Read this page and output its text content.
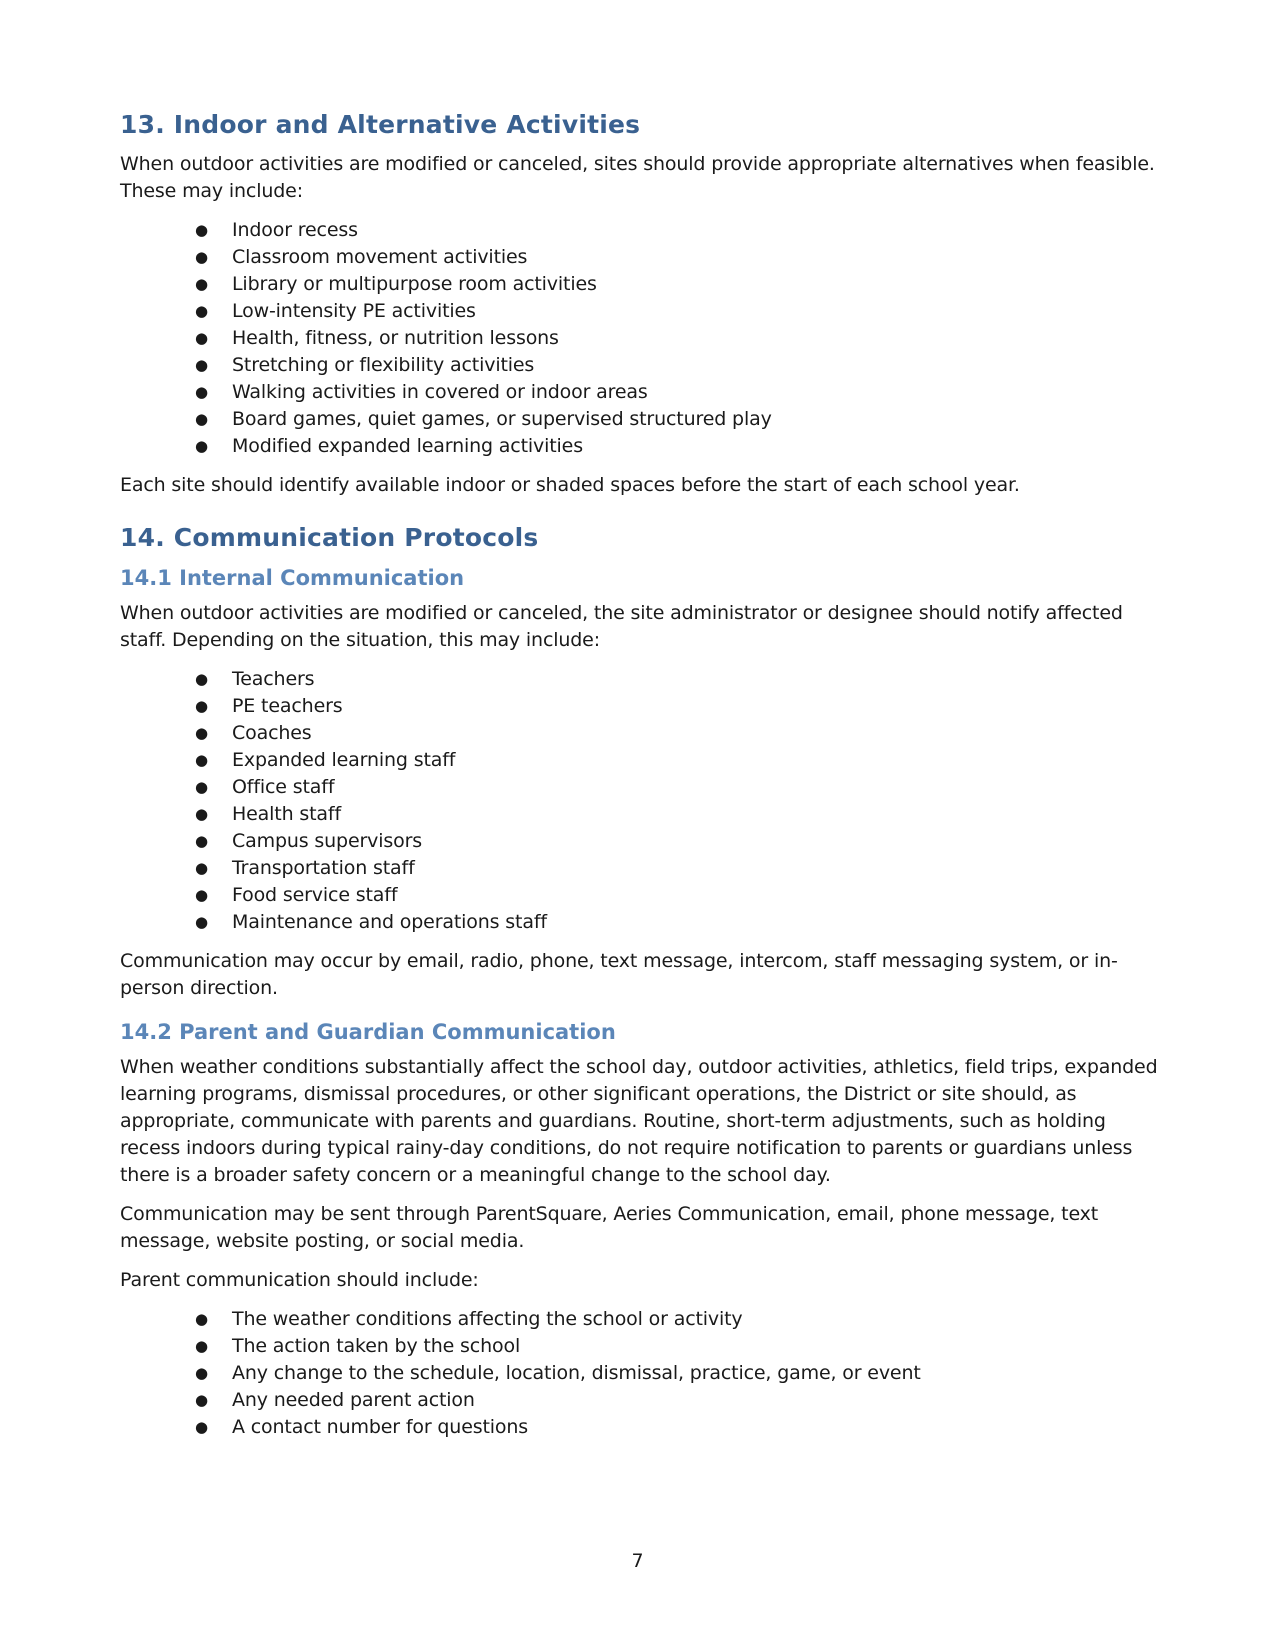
13. Indoor and Alternative Activities

When outdoor activities are modified or canceled, sites should provide appropriate alternatives when feasible. These may include:

● Indoor recess
● Classroom movement activities
● Library or multipurpose room activities
● Low-intensity PE activities
● Health, fitness, or nutrition lessons
● Stretching or flexibility activities
● Walking activities in covered or indoor areas
● Board games, quiet games, or supervised structured play
● Modified expanded learning activities

Each site should identify available indoor or shaded spaces before the start of each school year.

14. Communication Protocols
14.1 Internal Communication

When outdoor activities are modified or canceled, the site administrator or designee should notify affected staff. Depending on the situation, this may include:

● Teachers
● PE teachers
● Coaches
● Expanded learning staff
● Office staff
● Health staff
● Campus supervisors
● Transportation staff
● Food service staff
● Maintenance and operations staff

Communication may occur by email, radio, phone, text message, intercom, staff messaging system, or in-person direction.

14.2 Parent and Guardian Communication

When weather conditions substantially affect the school day, outdoor activities, athletics, field trips, expanded learning programs, dismissal procedures, or other significant operations, the District or site should, as appropriate, communicate with parents and guardians. Routine, short-term adjustments, such as holding recess indoors during typical rainy-day conditions, do not require notification to parents or guardians unless there is a broader safety concern or a meaningful change to the school day.

Communication may be sent through ParentSquare, Aeries Communication, email, phone message, text message, website posting, or social media.

Parent communication should include:

● The weather conditions affecting the school or activity
● The action taken by the school
● Any change to the schedule, location, dismissal, practice, game, or event
● Any needed parent action
● A contact number for questions
7
